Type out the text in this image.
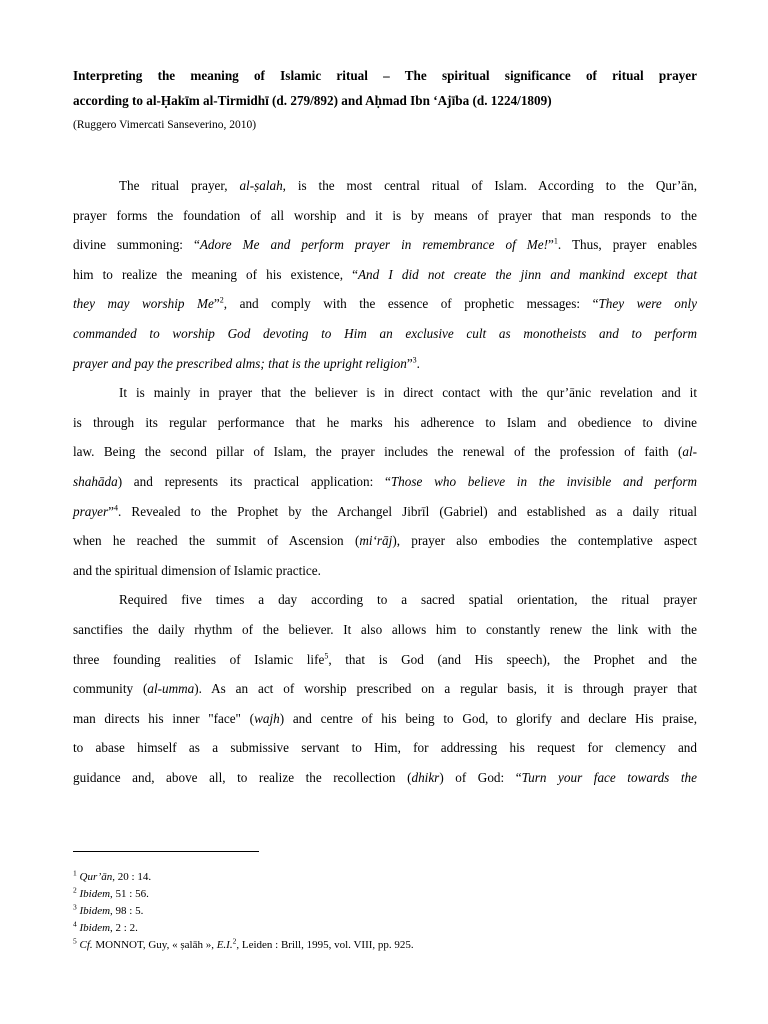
Interpreting the meaning of Islamic ritual – The spiritual significance of ritual prayer
according to al-Ḥakīm al-Tirmidhī (d. 279/892) and Aḥmad Ibn ‘Ajība (d. 1224/1809)
(Ruggero Vimercati Sanseverino, 2010)
The ritual prayer, al-ṣalah, is the most central ritual of Islam. According to the Qur’ān,
prayer forms the foundation of all worship and it is by means of prayer that man responds to the
divine summoning: “Adore Me and perform prayer in remembrance of Me!”$^1$. Thus, prayer enables
him to realize the meaning of his existence, “And I did not create the jinn and mankind except that
they may worship Me”$^2$, and comply with the essence of prophetic messages: “They were only
commanded to worship God devoting to Him an exclusive cult as monotheists and to perform
prayer and pay the prescribed alms; that is the upright religion”$^3$.
It is mainly in prayer that the believer is in direct contact with the qur’ānic revelation and it
is through its regular performance that he marks his adherence to Islam and obedience to divine
law. Being the second pillar of Islam, the prayer includes the renewal of the profession of faith (al-
shahāda) and represents its practical application: “Those who believe in the invisible and perform
prayer”$^4$. Revealed to the Prophet by the Archangel Jibrīl (Gabriel) and established as a daily ritual
when he reached the summit of Ascension (mi‘rāj), prayer also embodies the contemplative aspect
and the spiritual dimension of Islamic practice.
Required five times a day according to a sacred spatial orientation, the ritual prayer
sanctifies the daily rhythm of the believer. It also allows him to constantly renew the link with the
three founding realities of Islamic life$^5$, that is God (and His speech), the Prophet and the
community (al-umma). As an act of worship prescribed on a regular basis, it is through prayer that
man directs his inner "face" (wajh) and centre of his being to God, to glorify and declare His praise,
to abase himself as a submissive servant to Him, for addressing his request for clemency and
guidance and, above all, to realize the recollection (dhikr) of God: “Turn your face towards the
$^1$ Qur’ān, 20 : 14.
$^2$ Ibidem, 51 : 56.
$^3$ Ibidem, 98 : 5.
$^4$ Ibidem, 2 : 2.
$^5$ Cf. MONNOT, Guy, « ṣalāh », E.I.$^2$, Leiden : Brill, 1995, vol. VIII, pp. 925.
